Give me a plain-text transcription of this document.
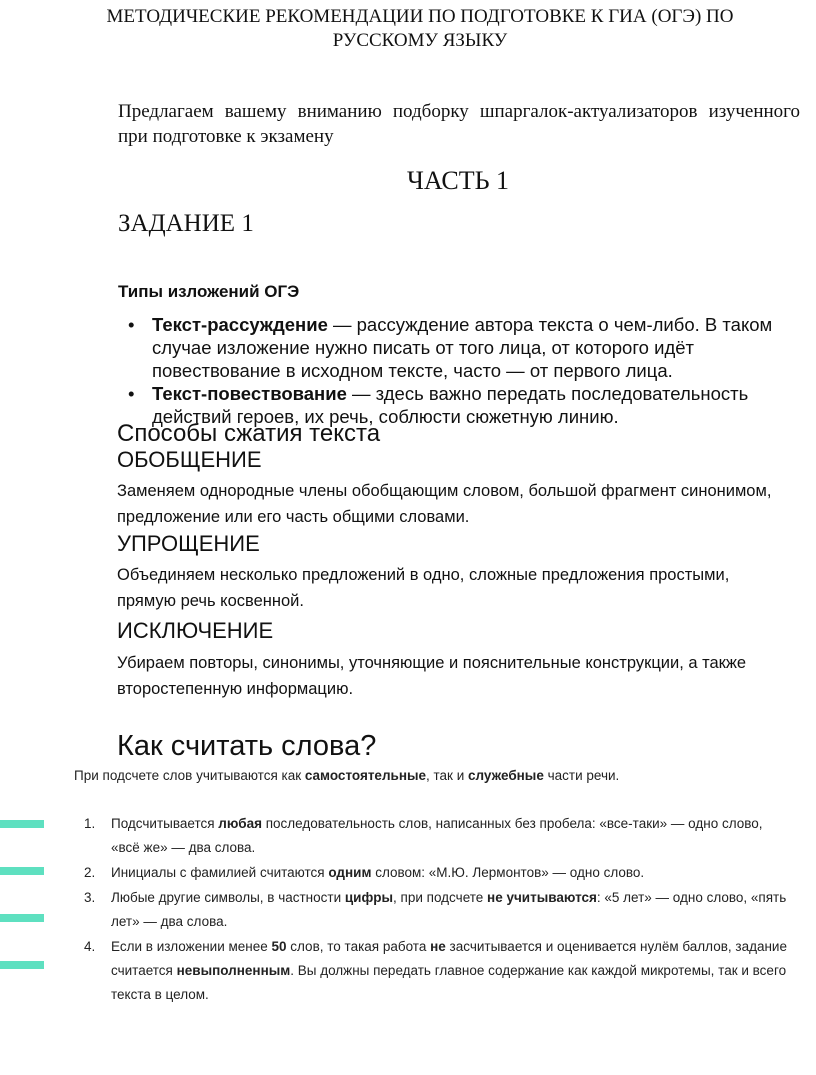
МЕТОДИЧЕСКИЕ РЕКОМЕНДАЦИИ ПО ПОДГОТОВКЕ К ГИА (ОГЭ) ПО РУССКОМУ ЯЗЫКУ
Предлагаем вашему вниманию подборку шпаргалок-актуализаторов изученного при подготовке к экзамену
ЧАСТЬ 1
ЗАДАНИЕ 1
Типы изложений ОГЭ
• Текст-рассуждение — рассуждение автора текста о чем-либо. В таком случае изложение нужно писать от того лица, от которого идёт повествование в исходном тексте, часто — от первого лица.
• Текст-повествование — здесь важно передать последовательность действий героев, их речь, соблюсти сюжетную линию.
Способы сжатия текста
ОБОБЩЕНИЕ
Заменяем однородные члены обобщающим словом, большой фрагмент синонимом, предложение или его часть общими словами.
УПРОЩЕНИЕ
Объединяем несколько предложений в одно, сложные предложения простыми, прямую речь косвенной.
ИСКЛЮЧЕНИЕ
Убираем повторы, синонимы, уточняющие и пояснительные конструкции, а также второстепенную информацию.
Как считать слова?
При подсчете слов учитываются как самостоятельные, так и служебные части речи.
1. Подсчитывается любая последовательность слов, написанных без пробела: «все-таки» — одно слово, «всё же» — два слова.
2. Инициалы с фамилией считаются одним словом: «М.Ю. Лермонтов» — одно слово.
3. Любые другие символы, в частности цифры, при подсчете не учитываются: «5 лет» — одно слово, «пять лет» — два слова.
4. Если в изложении менее 50 слов, то такая работа не засчитывается и оценивается нулём баллов, задание считается невыполненным. Вы должны передать главное содержание как каждой микротемы, так и всего текста в целом.
